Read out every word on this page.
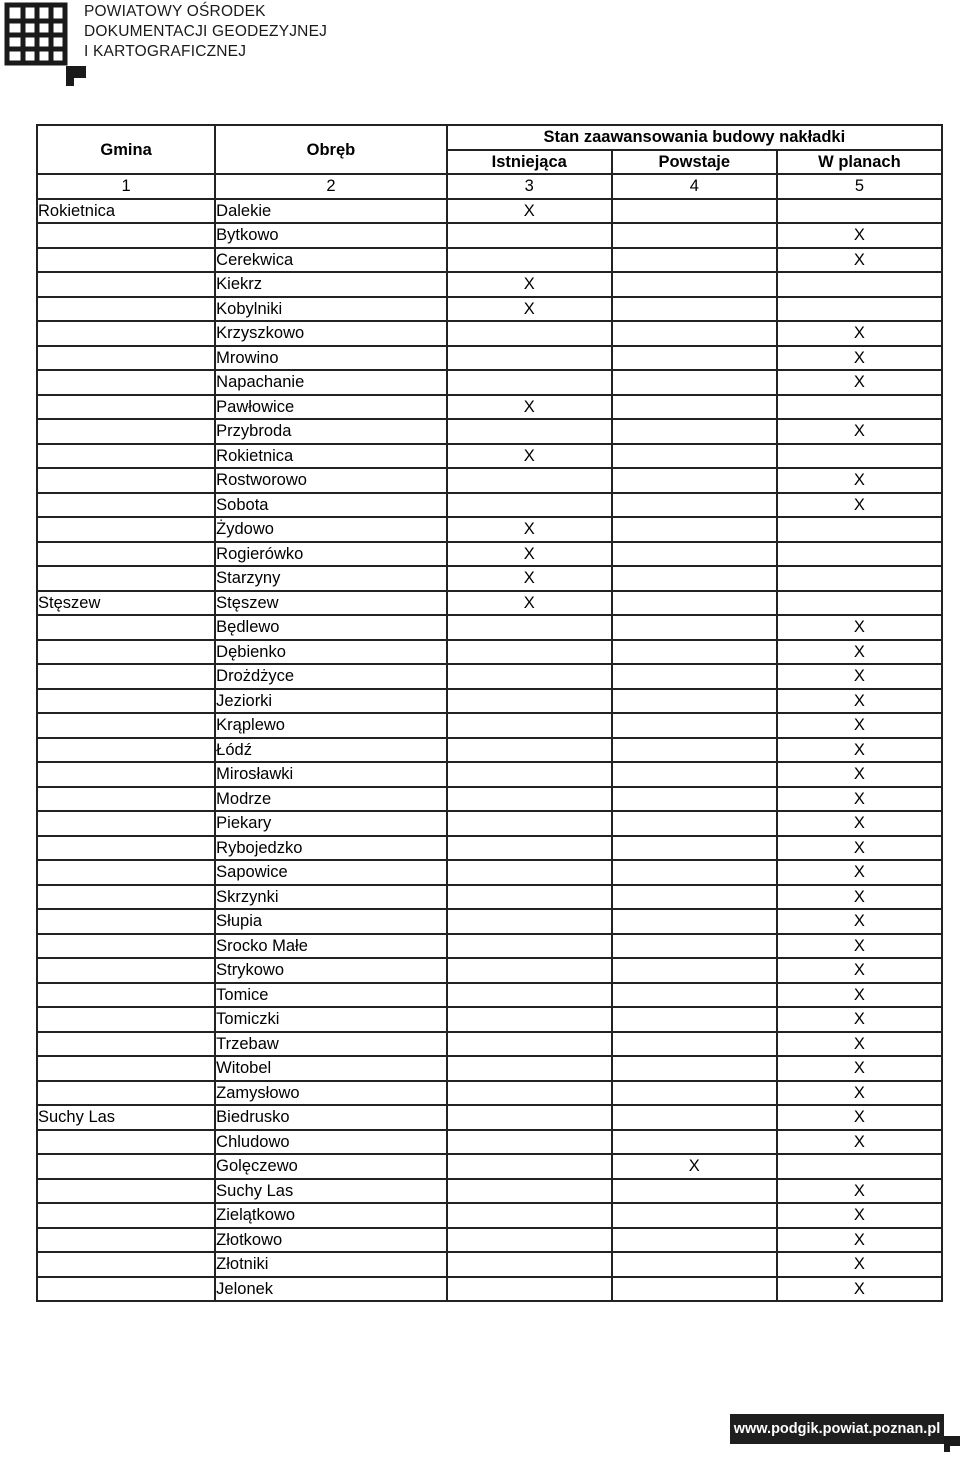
POWIATOWY OŚRODEK
DOKUMENTACJI GEODEZYJNEJ
I KARTOGRAFICZNEJ
Gmina	Obręb	Stan zaawansowania budowy nakładki		
		Istniejąca	Powstaje	W planach
1	2	3	4	5
Rokietnica	Dalekie	X		
	Bytkowo			X
	Cerekwica			X
	Kiekrz	X		
	Kobylniki	X		
	Krzyszkowo			X
	Mrowino			X
	Napachanie			X
	Pawłowice	X		
	Przybroda			X
	Rokietnica	X		
	Rostworowo			X
	Sobota			X
	Żydowo	X		
	Rogierówko	X		
	Starzyny	X		
Stęszew	Stęszew	X		
	Będlewo			X
	Dębienko			X
	Drożdżyce			X
	Jeziorki			X
	Krąplewo			X
	Łódź			X
	Mirosławki			X
	Modrze			X
	Piekary			X
	Rybojedzko			X
	Sapowice			X
	Skrzynki			X
	Słupia			X
	Srocko Małe			X
	Strykowo			X
	Tomice			X
	Tomiczki			X
	Trzebaw			X
	Witobel			X
	Zamysłowo			X
Suchy Las	Biedrusko			X
	Chludowo			X
	Golęczewo		X	
	Suchy Las			X
	Zielątkowo			X
	Złotkowo			X
	Złotniki			X
	Jelonek			X
www.podgik.powiat.poznan.pl
